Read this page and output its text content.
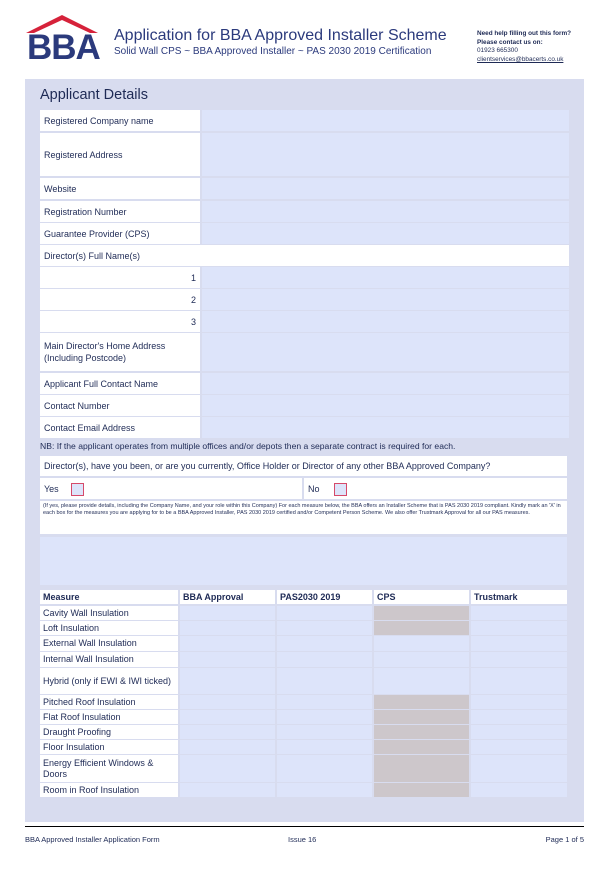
BBA Application for BBA Approved Installer Scheme
Solid Wall CPS ~ BBA Approved Installer ~ PAS 2030 2019 Certification
Need help filling out this form?
Please contact us on:
01923 665300
clientservices@bbacerts.co.uk
Applicant Details
Registered Company name
Registered Address
Website
Registration Number
Guarantee Provider (CPS)
Director(s) Full Name(s)
1
2
3
Main Director's Home Address (Including Postcode)
Applicant Full Contact Name
Contact Number
Contact Email Address
NB: If the applicant operates from multiple offices and/or depots then a separate contract is required for each.
Director(s), have you been, or are you currently, Office Holder or Director of any other BBA Approved Company?
Yes	No
(If yes, please provide details, including the Company Name, and your role within this Company) For each measure below, the BBA offers an Installer Scheme that is PAS 2030 2019 compliant. Kindly mark an 'X' in each box for the measures you are applying for to be a BBA Approved Installer, PAS 2030 2019 certified and/or Competent Person Scheme. We also offer Trustmark Approval for all our PAS measures.
Measure	BBA Approval	PAS2030 2019	CPS	Trustmark
Cavity Wall Insulation
Loft Insulation
External Wall Insulation
Internal Wall Insulation
Hybrid (only if EWI & IWI ticked)
Pitched Roof Insulation
Flat Roof Insulation
Draught Proofing
Floor Insulation
Energy Efficient Windows & Doors
Room in Roof Insulation
BBA Approved Installer Application Form	Issue 16	Page 1 of 5
